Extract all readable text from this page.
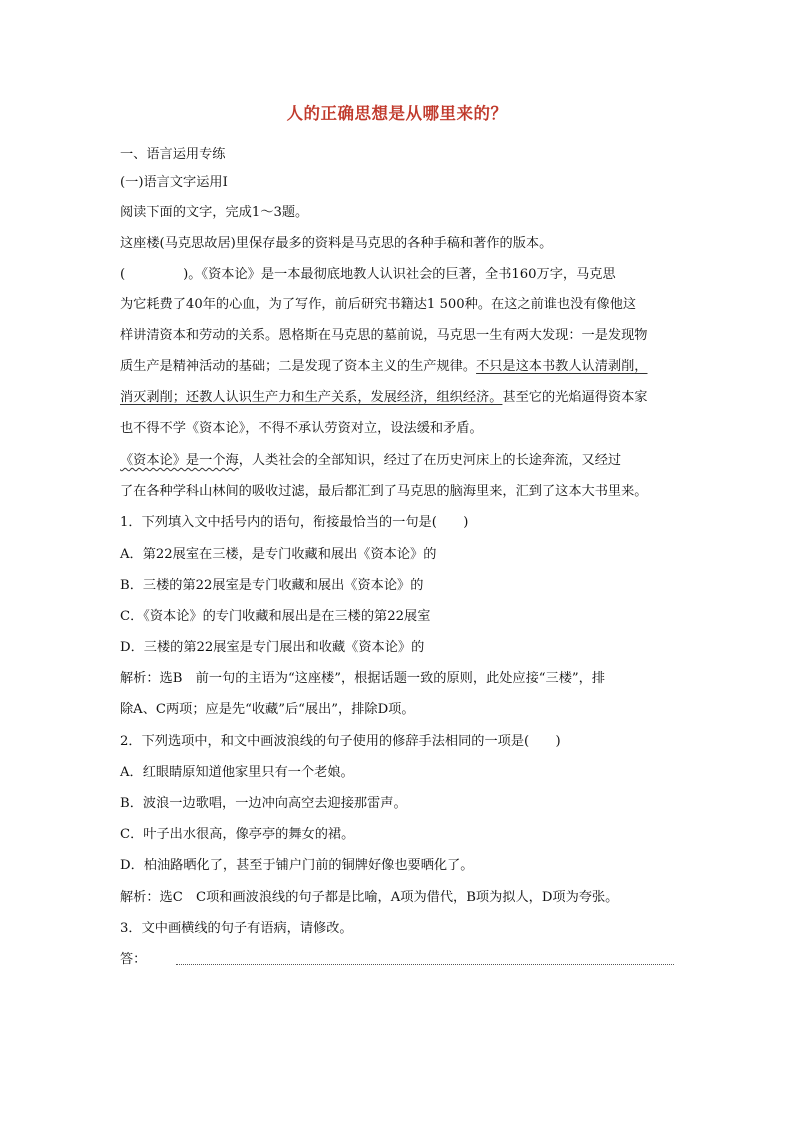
人的正确思想是从哪里来的？
一、语言运用专练
(一)语言文字运用Ⅰ
阅读下面的文字，完成1～3题。
这座楼(马克思故居)里保存最多的资料是马克思的各种手稿和著作的版本。
(	)。《资本论》是一本最彻底地教人认识社会的巨著，全书160万字，马克思
为它耗费了40年的心血，为了写作，前后研究书籍达1 500种。在这之前谁也没有像他这
样讲清资本和劳动的关系。恩格斯在马克思的墓前说，马克思一生有两大发现：一是发现物
质生产是精神活动的基础；二是发现了资本主义的生产规律。不只是这本书教人认清剥削，
消灭剥削；还教人认识生产力和生产关系，发展经济，组织经济。甚至它的光焰逼得资本家
也不得不学《资本论》，不得不承认劳资对立，设法缓和矛盾。
《资本论》是一个海，人类社会的全部知识，经过了在历史河床上的长途奔流，又经过
了在各种学科山林间的吸收过滤，最后都汇到了马克思的脑海里来，汇到了这本大书里来。
1．下列填入文中括号内的语句，衔接最恰当的一句是(　　)
A．第22展室在三楼，是专门收藏和展出《资本论》的
B．三楼的第22展室是专门收藏和展出《资本论》的
C．《资本论》的专门收藏和展出是在三楼的第22展室
D．三楼的第22展室是专门展出和收藏《资本论》的
解析：选B　前一句的主语为“这座楼”，根据话题一致的原则，此处应接“三楼”，排
除A、C两项；应是先“收藏”后“展出”，排除D项。
2．下列选项中，和文中画波浪线的句子使用的修辞手法相同的一项是(　　)
A．红眼睛原知道他家里只有一个老娘。
B．波浪一边歌唱，一边冲向高空去迎接那雷声。
C．叶子出水很高，像亭亭的舞女的裙。
D．柏油路晒化了，甚至于铺户门前的铜牌好像也要晒化了。
解析：选C　C项和画波浪线的句子都是比喻，A项为借代，B项为拟人，D项为夸张。
3．文中画横线的句子有语病，请修改。
答：
